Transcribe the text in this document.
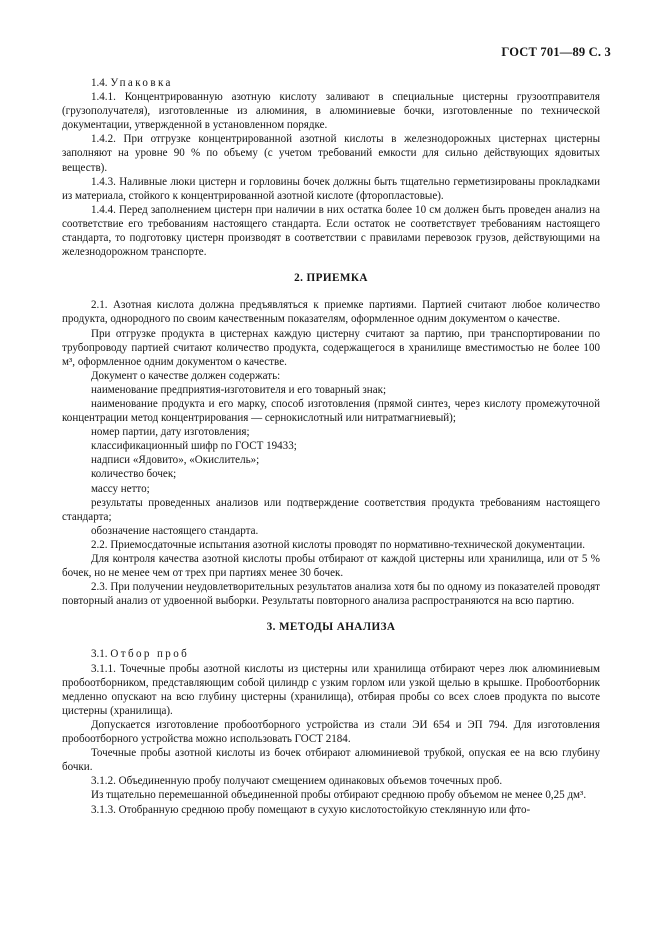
ГОСТ 701—89 С. 3

1.4. Упаковка

1.4.1. Концентрированную азотную кислоту заливают в специальные цистерны грузоотправителя (грузополучателя), изготовленные из алюминия, в алюминиевые бочки, изготовленные по технической документации, утвержденной в установленном порядке.

1.4.2. При отгрузке концентрированной азотной кислоты в железнодорожных цистернах цистерны заполняют на уровне 90 % по объему (с учетом требований емкости для сильно действующих ядовитых веществ).

1.4.3. Наливные люки цистерн и горловины бочек должны быть тщательно герметизированы прокладками из материала, стойкого к концентрированной азотной кислоте (фторопластовые).

1.4.4. Перед заполнением цистерн при наличии в них остатка более 10 см должен быть проведен анализ на соответствие его требованиям настоящего стандарта. Если остаток не соответствует требованиям настоящего стандарта, то подготовку цистерн производят в соответствии с правилами перевозок грузов, действующими на железнодорожном транспорте.

2. ПРИЕМКА

2.1. Азотная кислота должна предъявляться к приемке партиями. Партией считают любое количество продукта, однородного по своим качественным показателям, оформленное одним документом о качестве.

При отгрузке продукта в цистернах каждую цистерну считают за партию, при транспортировании по трубопроводу партией считают количество продукта, содержащегося в хранилище вместимостью не более 100 м³, оформленное одним документом о качестве.

Документ о качестве должен содержать:

наименование предприятия-изготовителя и его товарный знак;

наименование продукта и его марку, способ изготовления (прямой синтез, через кислоту промежуточной концентрации метод концентрирования — сернокислотный или нитратмагниевый);

номер партии, дату изготовления;

классификационный шифр по ГОСТ 19433;

надписи «Ядовито», «Окислитель»;

количество бочек;

массу нетто;

результаты проведенных анализов или подтверждение соответствия продукта требованиям настоящего стандарта;

обозначение настоящего стандарта.

2.2. Приемосдаточные испытания азотной кислоты проводят по нормативно-технической документации.

Для контроля качества азотной кислоты пробы отбирают от каждой цистерны или хранилища, или от 5 % бочек, но не менее чем от трех при партиях менее 30 бочек.

2.3. При получении неудовлетворительных результатов анализа хотя бы по одному из показателей проводят повторный анализ от удвоенной выборки. Результаты повторного анализа распространяются на всю партию.

3. МЕТОДЫ АНАЛИЗА

3.1. Отбор проб

3.1.1. Точечные пробы азотной кислоты из цистерны или хранилища отбирают через люк алюминиевым пробоотборником, представляющим собой цилиндр с узким горлом или узкой щелью в крышке. Пробоотборник медленно опускают на всю глубину цистерны (хранилища), отбирая пробы со всех слоев продукта по высоте цистерны (хранилища).

Допускается изготовление пробоотборного устройства из стали ЭИ 654 и ЭП 794. Для изготовления пробоотборного устройства можно использовать ГОСТ 2184.

Точечные пробы азотной кислоты из бочек отбирают алюминиевой трубкой, опуская ее на всю глубину бочки.

3.1.2. Объединенную пробу получают смещением одинаковых объемов точечных проб.

Из тщательно перемешанной объединенной пробы отбирают среднюю пробу объемом не менее 0,25 дм³.

3.1.3. Отобранную среднюю пробу помещают в сухую кислотостойкую стеклянную или фто-
